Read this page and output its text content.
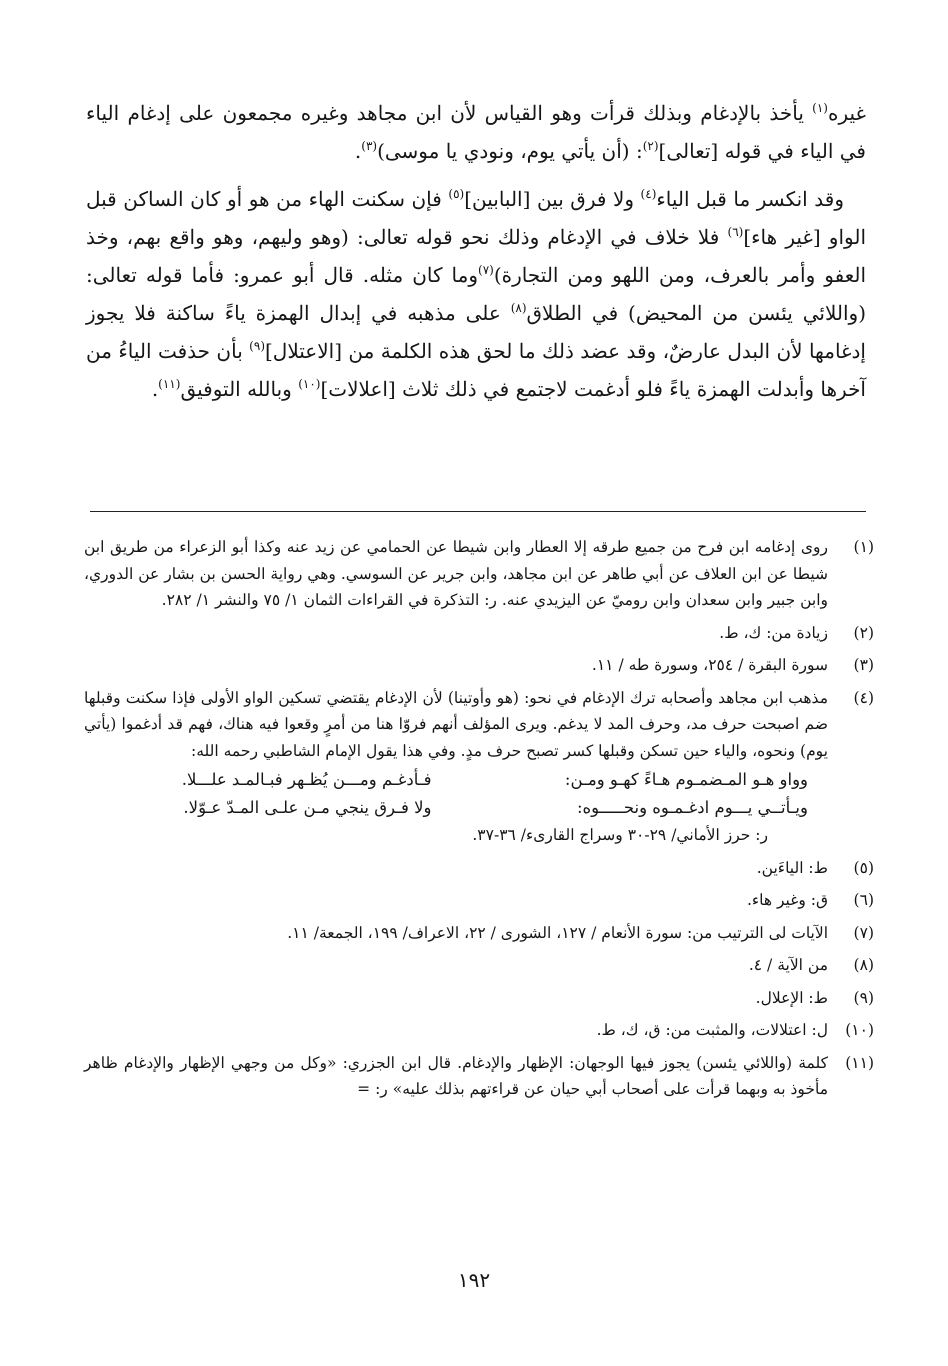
غيره$^{(١)}$ يأخذ بالإدغام وبذلك قرأت وهو القياس لأن ابن مجاهد وغيره مجمعون على إدغام الياء في الياء في قوله [تعالى]$^{(٢)}$: (أن يأتي يوم، ونودي يا موسى)$^{(٣)}$.

وقد انكسر ما قبل الياء$^{(٤)}$ ولا فرق بين [البابين]$^{(٥)}$ فإن سكنت الهاء من هو أو كان الساكن قبل الواو [غير هاء]$^{(٦)}$ فلا خلاف في الإدغام وذلك نحو قوله تعالى: (وهو وليهم، وهو واقع بهم، وخذ العفو وأمر بالعرف، ومن اللهو ومن التجارة)$^{(٧)}$وما كان مثله. قال أبو عمرو: فأما قوله تعالى: (واللائي يئسن من المحيض) في الطلاق$^{(٨)}$ على مذهبه في إبدال الهمزة ياءً ساكنة فلا يجوز إدغامها لأن البدل عارضٌ، وقد عضد ذلك ما لحق هذه الكلمة من [الاعتلال]$^{(٩)}$ بأن حذفت الياءُ من آخرها وأبدلت الهمزة ياءً فلو أدغمت لاجتمع في ذلك ثلاث [اعلالات]$^{(١٠)}$ وبالله التوفيق$^{(١١)}$.

(١)
روى إدغامه ابن فرح من جميع طرقه إلا العطار وابن شيطا عن الحمامي عن زيد عنه وكذا أبو الزعراء من طريق ابن شيطا عن ابن العلاف عن أبي طاهر عن ابن مجاهد، وابن جرير عن السوسي. وهي رواية الحسن بن بشار عن الدوري، وابن جبير وابن سعدان وابن روميّ عن اليزيدي عنه. ر: التذكرة في القراءات الثمان ١/ ٧٥ والنشر ١/ ٢٨٢.
(٢)
زيادة من: ك، ط.
(٣)
سورة البقرة / ٢٥٤، وسورة طه / ١١.
(٤)
مذهب ابن مجاهد وأصحابه ترك الإدغام في نحو: (هو وأوتينا) لأن الإدغام يقتضي تسكين الواو الأولى فإذا سكنت وقبلها ضم اصبحت حرف مد، وحرف المد لا يدغم. ويرى المؤلف أنهم فروّا هنا من أمرٍ وقعوا فيه هناك، فهم قد أدغموا (يأتي يوم) ونحوه، والياء حين تسكن وقبلها كسر تصبح حرف مدٍ. وفي هذا يقول الإمام الشاطبي رحمه الله:
وواو هـو المـضمـوم هـاءً كهـو ومـن:
فـأدغـم ومـــن يُظـهر فبـالمـد علـــلا.
ويـأتــي يـــوم ادغـمـوه ونحـــــوه:
ولا فـرق ينجي مـن علـى المـدّ عـوّلا.
ر: حرز الأماني/ ٢٩-٣٠ وسراج القارىء/ ٣٦-٣٧.
(٥)
ط: الياءَين.
(٦)
ق: وغير هاء.
(٧)
الآيات لى الترتيب من: سورة الأنعام / ١٢٧، الشورى / ٢٢، الاعراف/ ١٩٩، الجمعة/ ١١.
(٨)
من الآية / ٤.
(٩)
ط: الإعلال.
(١٠)
ل: اعتلالات، والمثبت من: ق، ك، ط.
(١١)
كلمة (واللائي يئسن) يجوز فيها الوجهان: الإظهار والإدغام. قال ابن الجزري: «وكل من وجهي الإظهار والإدغام ظاهر مأخوذ به وبهما قرأت على أصحاب أبي حيان عن قراءتهم بذلك عليه» ر: =
١٩٢
